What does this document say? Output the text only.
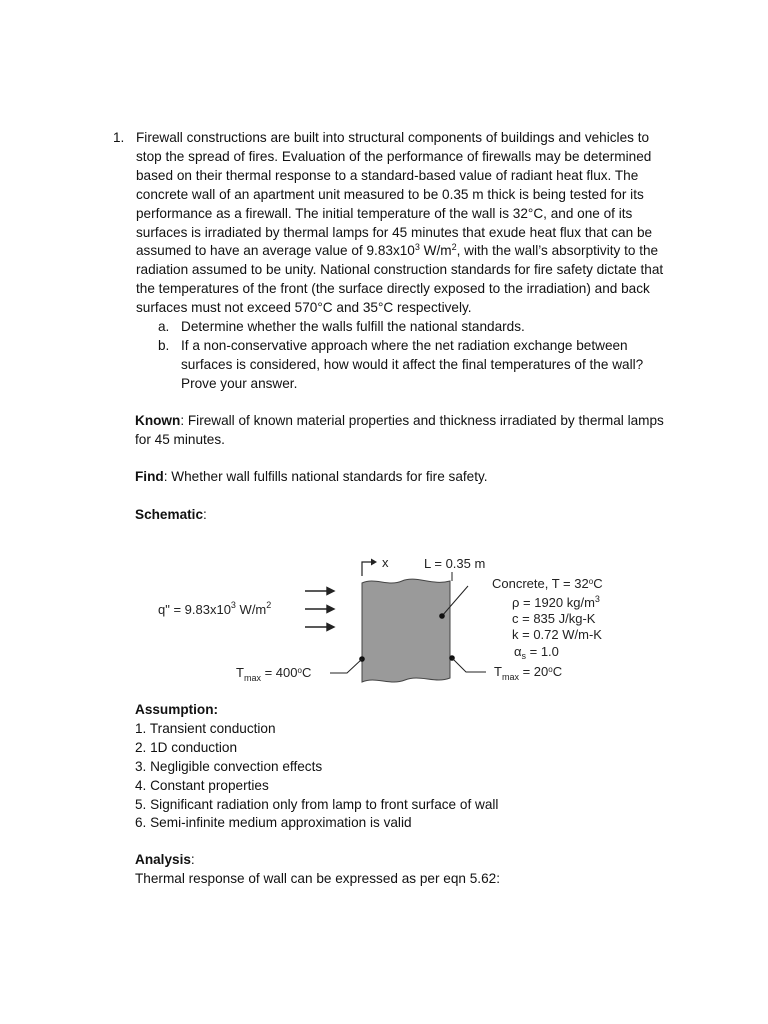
1. Firewall constructions are built into structural components of buildings and vehicles to stop the spread of fires. Evaluation of the performance of firewalls may be determined based on their thermal response to a standard-based value of radiant heat flux. The concrete wall of an apartment unit measured to be 0.35 m thick is being tested for its performance as a firewall. The initial temperature of the wall is 32°C, and one of its surfaces is irradiated by thermal lamps for 45 minutes that exude heat flux that can be assumed to have an average value of $9.83x10^3$ $W/m^2$, with the wall’s absorptivity to the radiation assumed to be unity. National construction standards for fire safety dictate that the temperatures of the front (the surface directly exposed to the irradiation) and back surfaces must not exceed 570°C and 35°C respectively.
a. Determine whether the walls fulfill the national standards.
b. If a non-conservative approach where the net radiation exchange between surfaces is considered, how would it affect the final temperatures of the wall? Prove your answer.
Known: Firewall of known material properties and thickness irradiated by thermal lamps for 45 minutes.
Find: Whether wall fulfills national standards for fire safety.
Schematic:
x	L = 0.35 m
q" = $9.83x10^3$ $W/m^2$
Concrete, $T = 32^oC$
ρ = 1920 $kg/m^3$
c = 835 J/kg-K
k = 0.72 W/m-K
$\alpha_s = 1.0$
$T_{max} = 400^oC$	$T_{max} = 20^oC$
Assumption:
1. Transient conduction
2. 1D conduction
3. Negligible convection effects
4. Constant properties
5. Significant radiation only from lamp to front surface of wall
6. Semi-infinite medium approximation is valid
Analysis:
Thermal response of wall can be expressed as per eqn 5.62:
